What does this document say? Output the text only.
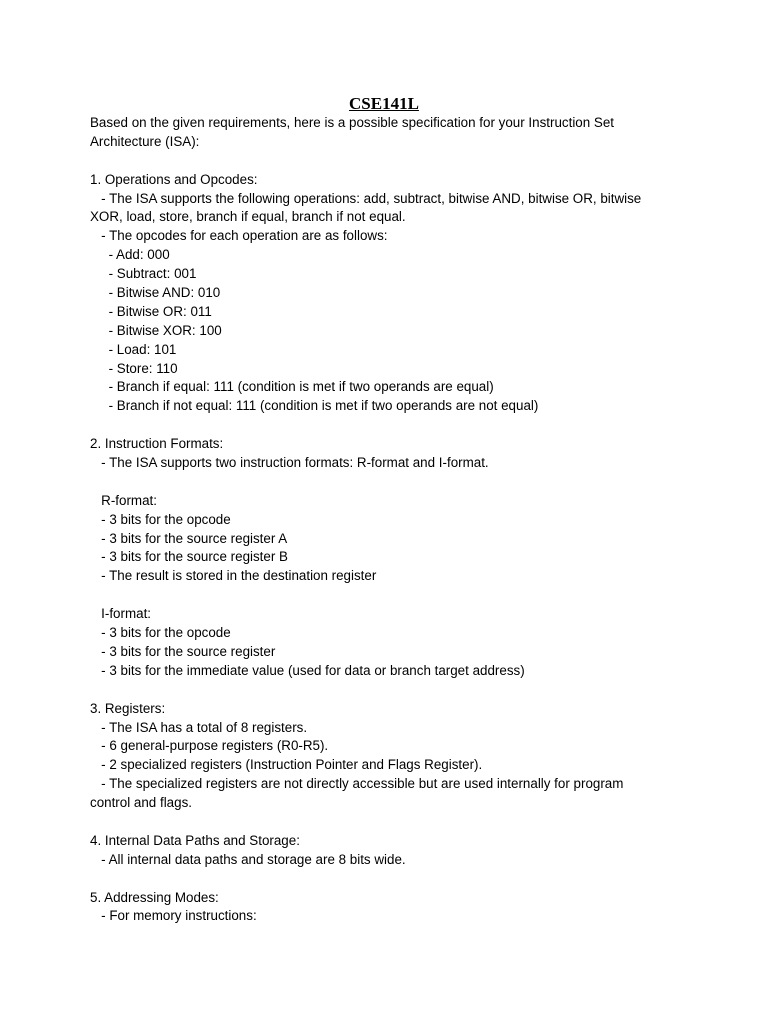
CSE141L
Based on the given requirements, here is a possible specification for your Instruction Set
Architecture (ISA):
1. Operations and Opcodes:
- The ISA supports the following operations: add, subtract, bitwise AND, bitwise OR, bitwise
XOR, load, store, branch if equal, branch if not equal.
- The opcodes for each operation are as follows:
- Add: 000
- Subtract: 001
- Bitwise AND: 010
- Bitwise OR: 011
- Bitwise XOR: 100
- Load: 101
- Store: 110
- Branch if equal: 111 (condition is met if two operands are equal)
- Branch if not equal: 111 (condition is met if two operands are not equal)
2. Instruction Formats:
- The ISA supports two instruction formats: R-format and I-format.
R-format:
- 3 bits for the opcode
- 3 bits for the source register A
- 3 bits for the source register B
- The result is stored in the destination register
I-format:
- 3 bits for the opcode
- 3 bits for the source register
- 3 bits for the immediate value (used for data or branch target address)
3. Registers:
- The ISA has a total of 8 registers.
- 6 general-purpose registers (R0-R5).
- 2 specialized registers (Instruction Pointer and Flags Register).
- The specialized registers are not directly accessible but are used internally for program
control and flags.
4. Internal Data Paths and Storage:
- All internal data paths and storage are 8 bits wide.
5. Addressing Modes:
- For memory instructions:
